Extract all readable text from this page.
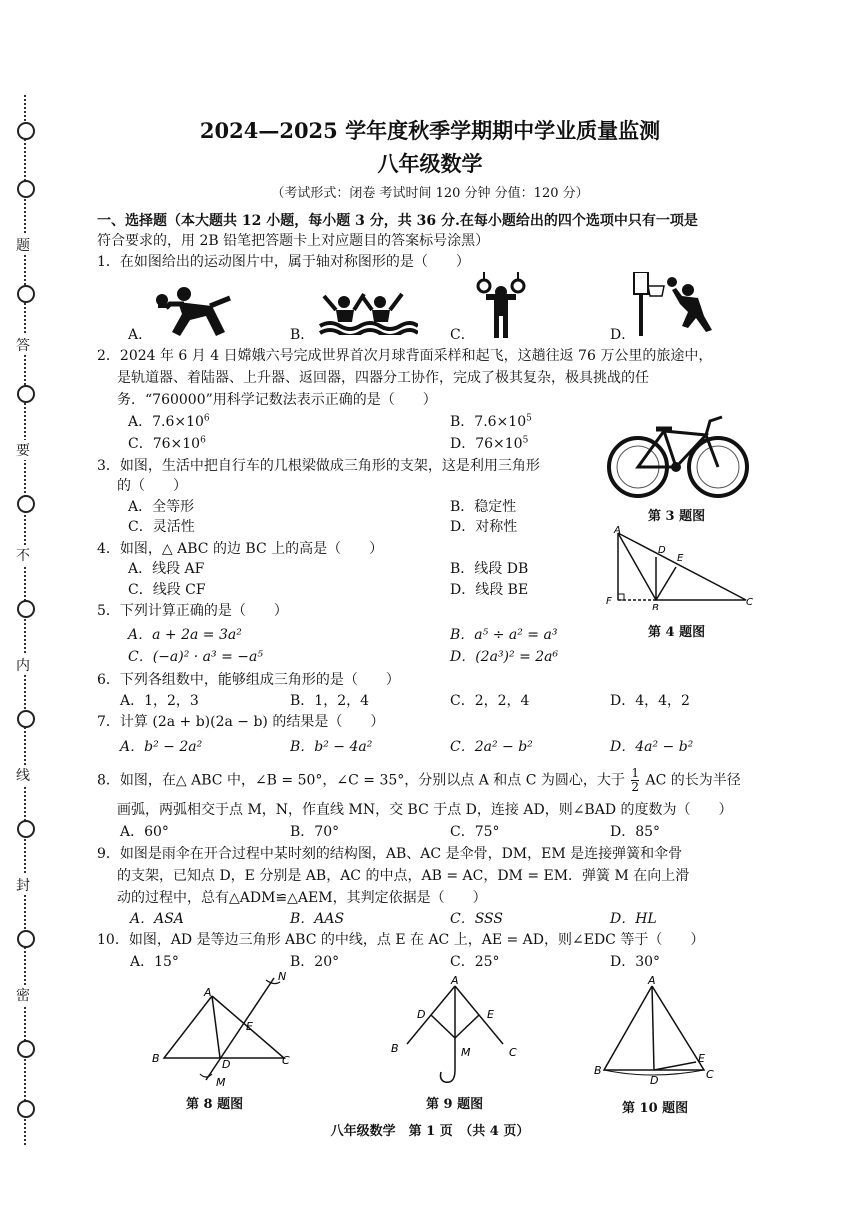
题
答
要
不
内
线
封
密
2024—2025 学年度秋季学期期中学业质量监测
八年级数学
（考试形式：闭卷 考试时间 120 分钟 分值：120 分）
一、选择题（本大题共 12 小题，每小题 3 分，共 36 分.在每小题给出的四个选项中只有一项是
符合要求的，用 2B 铅笔把答题卡上对应题目的答案标号涂黑）
1．在如图给出的运动图片中，属于轴对称图形的是（　　）
A．	B．	C．	D．
2．2024 年 6 月 4 日嫦娥六号完成世界首次月球背面采样和起飞，这趟往返 76 万公里的旅途中，
是轨道器、着陆器、上升器、返回器，四器分工协作，完成了极其复杂，极具挑战的任
务．“760000”用科学记数法表示正确的是（　　）
A．$7.6\times 10^6$	B．$7.6\times 10^5$
C．$76\times 10^6$	D．$76\times 10^5$
3．如图，生活中把自行车的几根梁做成三角形的支架，这是利用三角形
的（　　）
A．全等形	B．稳定性
C．灵活性	D．对称性
第 3 题图
4．如图，△ ABC 的边 BC 上的高是（　　）
A．线段 AF	B．线段 DB
C．线段 CF	D．线段 BE
A
D
E
F
B
C
第 4 题图
5．下列计算正确的是（　　）
A．a + 2a = 3a²	B．a⁵ ÷ a² = a³
C．(−a)² · a³ = −a⁵	D．(2a³)² = 2a⁶
6．下列各组数中，能够组成三角形的是（　　）
A．1，2，3	B．1，2，4	C．2，2，4	D．4，4，2
7．计算 (2a + b)(2a − b) 的结果是（　　）
A．b² − 2a²	B．b² − 4a²	C．2a² − b²	D．4a² − b²
8．如图，在△ ABC 中，∠B = 50°，∠C = 35°，分别以点 A 和点 C 为圆心，大于 $\frac{1}{2}$ AC 的长为半径
画弧，两弧相交于点 M，N，作直线 MN，交 BC 于点 D，连接 AD，则∠BAD 的度数为（　　）
A．60°	B．70°	C．75°	D．85°
9．如图是雨伞在开合过程中某时刻的结构图，AB、AC 是伞骨，DM，EM 是连接弹簧和伞骨
的支架，已知点 D，E 分别是 AB，AC 的中点，AB = AC，DM = EM．弹簧 M 在向上滑
动的过程中，总有△ADM≌△AEM，其判定依据是（　　）
A．ASA	B．AAS	C．SSS	D．HL
10．如图，AD 是等边三角形 ABC 的中线，点 E 在 AC 上，AE = AD，则∠EDC 等于（　　）
A．15°	B．20°	C．25°	D．30°
N
A
E
B	D	C
M
第 8 题图
A
D	E
B	M	C
第 9 题图
A
B
D
E
C
第 10 题图
八年级数学　第 1 页　（共 4 页）
